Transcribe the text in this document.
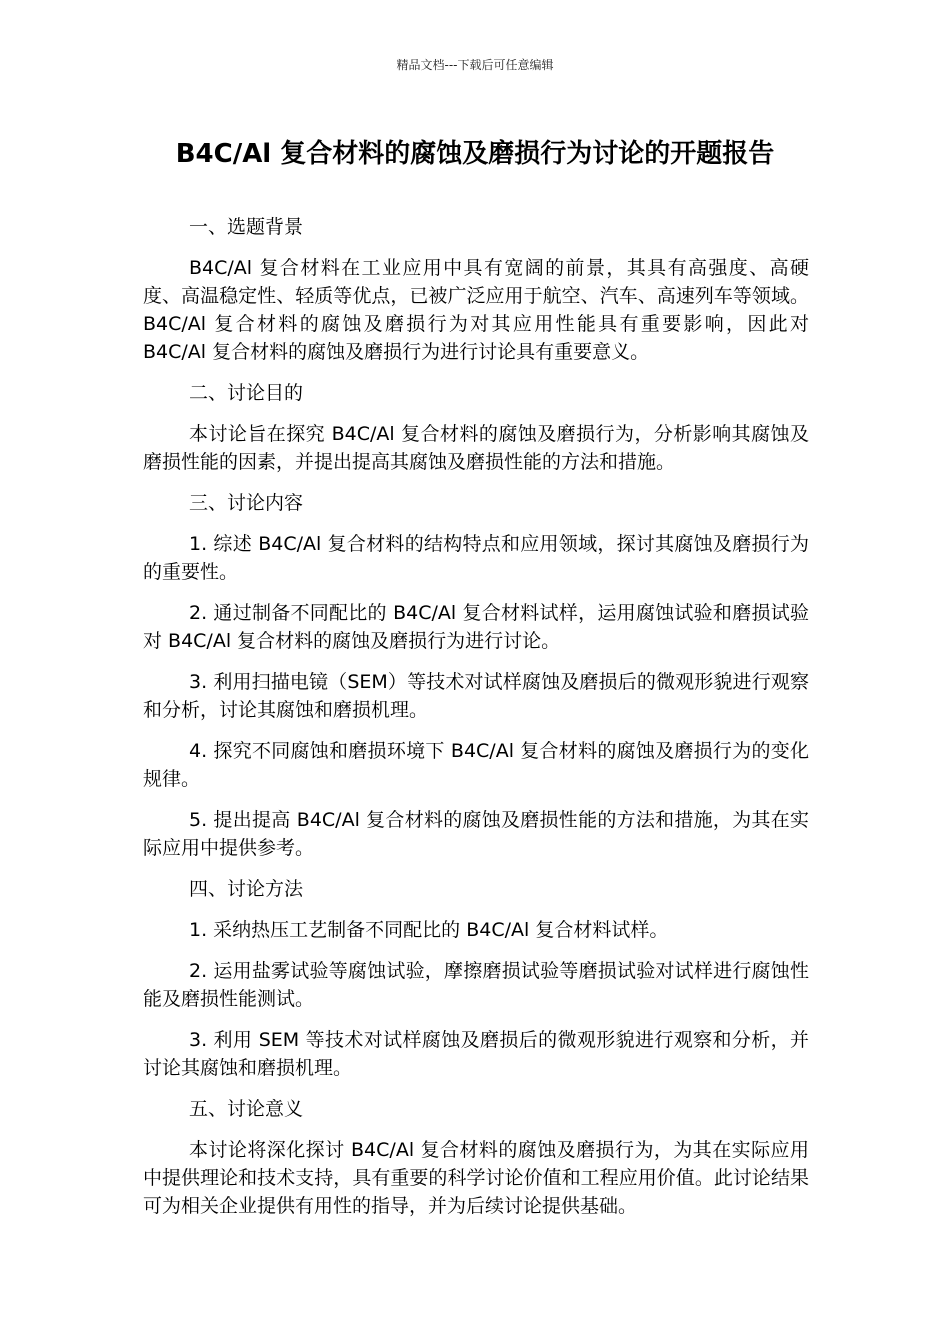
精品文档---下载后可任意编辑
B4C/Al 复合材料的腐蚀及磨损行为讨论的开题报告

一、选题背景

B4C/Al 复合材料在工业应用中具有宽阔的前景，其具有高强度、高硬度、高温稳定性、轻质等优点，已被广泛应用于航空、汽车、高速列车等领域。B4C/Al 复合材料的腐蚀及磨损行为对其应用性能具有重要影响，因此对 B4C/Al 复合材料的腐蚀及磨损行为进行讨论具有重要意义。

二、讨论目的

本讨论旨在探究 B4C/Al 复合材料的腐蚀及磨损行为，分析影响其腐蚀及磨损性能的因素，并提出提高其腐蚀及磨损性能的方法和措施。

三、讨论内容

1. 综述 B4C/Al 复合材料的结构特点和应用领域，探讨其腐蚀及磨损行为的重要性。

2. 通过制备不同配比的 B4C/Al 复合材料试样，运用腐蚀试验和磨损试验对 B4C/Al 复合材料的腐蚀及磨损行为进行讨论。

3. 利用扫描电镜（SEM）等技术对试样腐蚀及磨损后的微观形貌进行观察和分析，讨论其腐蚀和磨损机理。

4. 探究不同腐蚀和磨损环境下 B4C/Al 复合材料的腐蚀及磨损行为的变化规律。

5. 提出提高 B4C/Al 复合材料的腐蚀及磨损性能的方法和措施，为其在实际应用中提供参考。

四、讨论方法

1. 采纳热压工艺制备不同配比的 B4C/Al 复合材料试样。

2. 运用盐雾试验等腐蚀试验，摩擦磨损试验等磨损试验对试样进行腐蚀性能及磨损性能测试。

3. 利用 SEM 等技术对试样腐蚀及磨损后的微观形貌进行观察和分析，并讨论其腐蚀和磨损机理。

五、讨论意义

本讨论将深化探讨 B4C/Al 复合材料的腐蚀及磨损行为，为其在实际应用中提供理论和技术支持，具有重要的科学讨论价值和工程应用价值。此讨论结果可为相关企业提供有用性的指导，并为后续讨论提供基础。
